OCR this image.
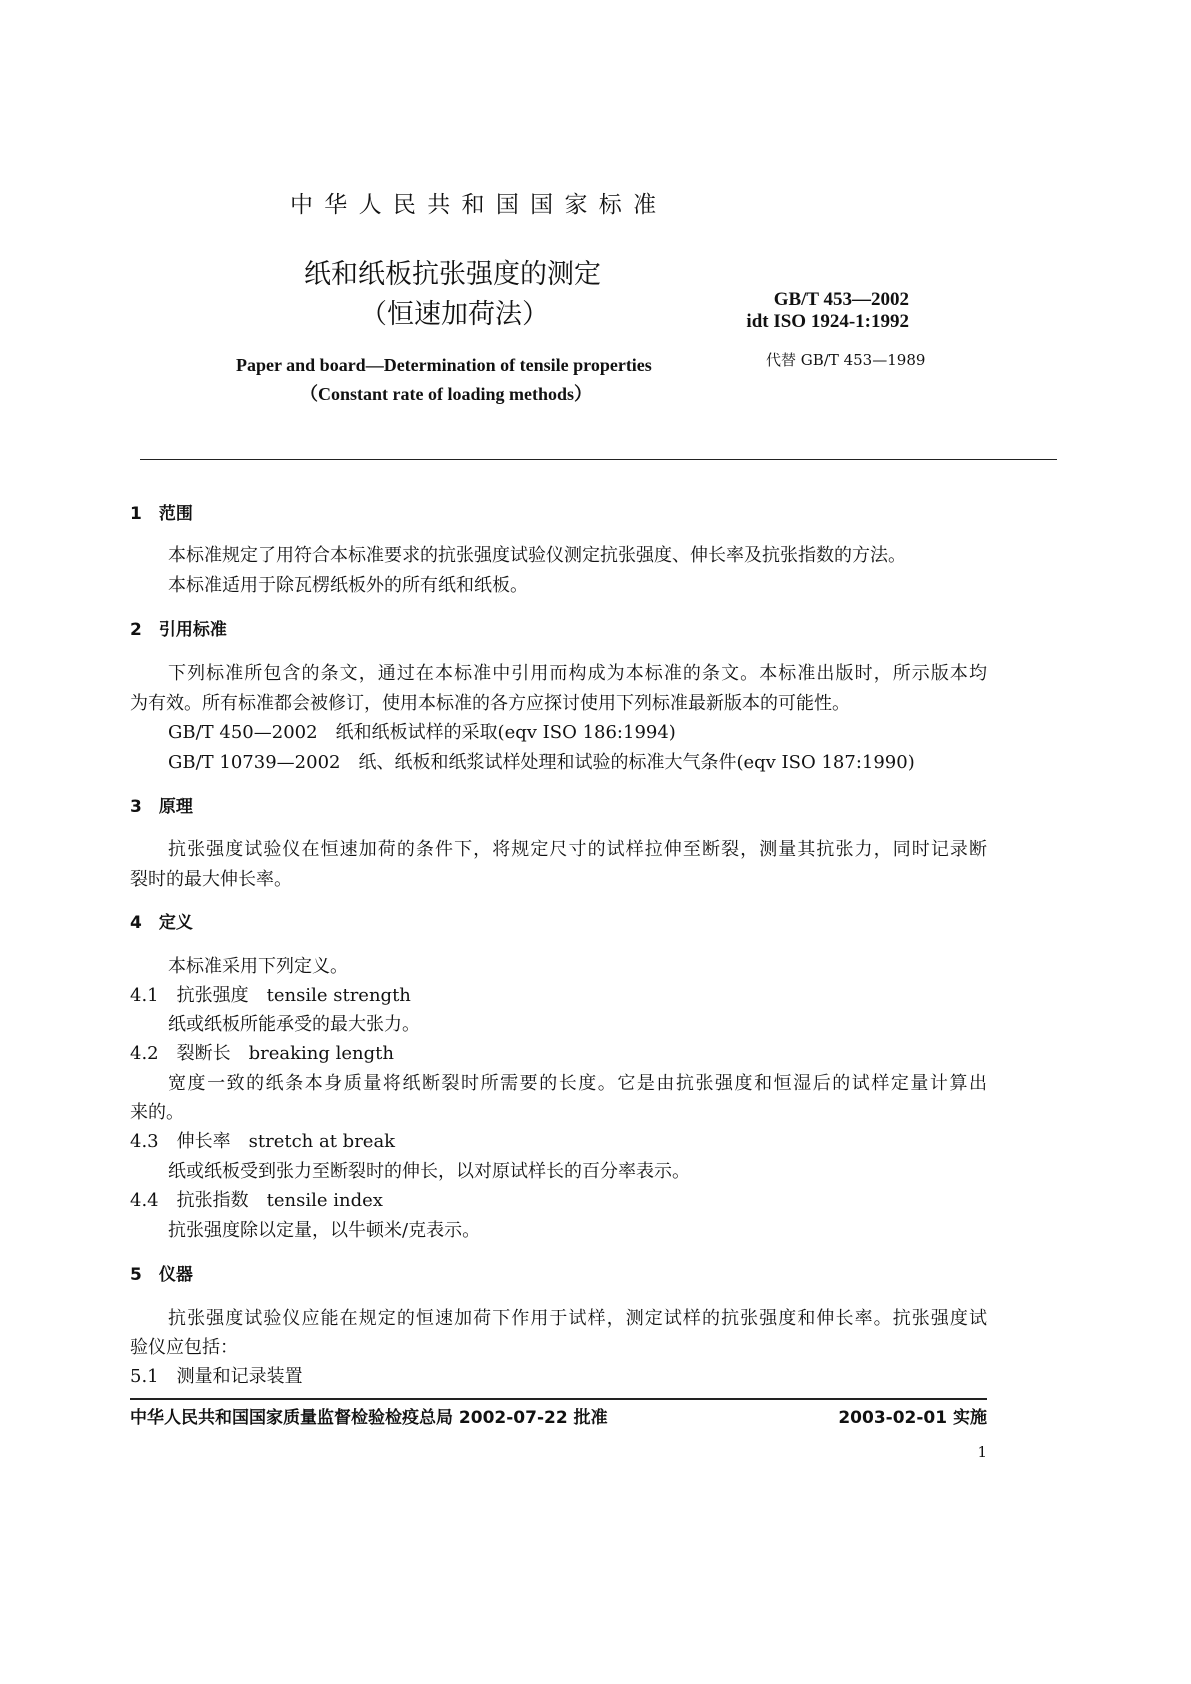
中 华 人 民 共 和 国 国 家 标 准
纸和纸板抗张强度的测定
（恒速加荷法）	GB/T 453—2002
idt ISO 1924-1:1992
代替 GB/T 453—1989
Paper and board—Determination of tensile properties
（Constant rate of loading methods）
1　范围
本标准规定了用符合本标准要求的抗张强度试验仪测定抗张强度、伸长率及抗张指数的方法。
本标准适用于除瓦楞纸板外的所有纸和纸板。
2　引用标准
下列标准所包含的条文，通过在本标准中引用而构成为本标准的条文。本标准出版时，所示版本均
为有效。所有标准都会被修订，使用本标准的各方应探讨使用下列标准最新版本的可能性。
GB/T 450—2002　纸和纸板试样的采取(eqv ISO 186:1994)
GB/T 10739—2002　纸、纸板和纸浆试样处理和试验的标准大气条件(eqv ISO 187:1990)
3　原理
抗张强度试验仪在恒速加荷的条件下，将规定尺寸的试样拉伸至断裂，测量其抗张力，同时记录断
裂时的最大伸长率。
4　定义
本标准采用下列定义。
4.1　抗张强度　tensile strength
纸或纸板所能承受的最大张力。
4.2　裂断长　breaking length
宽度一致的纸条本身质量将纸断裂时所需要的长度。它是由抗张强度和恒湿后的试样定量计算出
来的。
4.3　伸长率　stretch at break
纸或纸板受到张力至断裂时的伸长，以对原试样长的百分率表示。
4.4　抗张指数　tensile index
抗张强度除以定量，以牛顿米/克表示。
5　仪器
抗张强度试验仪应能在规定的恒速加荷下作用于试样，测定试样的抗张强度和伸长率。抗张强度试
验仪应包括：
5.1　测量和记录装置
中华人民共和国国家质量监督检验检疫总局 2002-07-22 批准	2003-02-01 实施
1
